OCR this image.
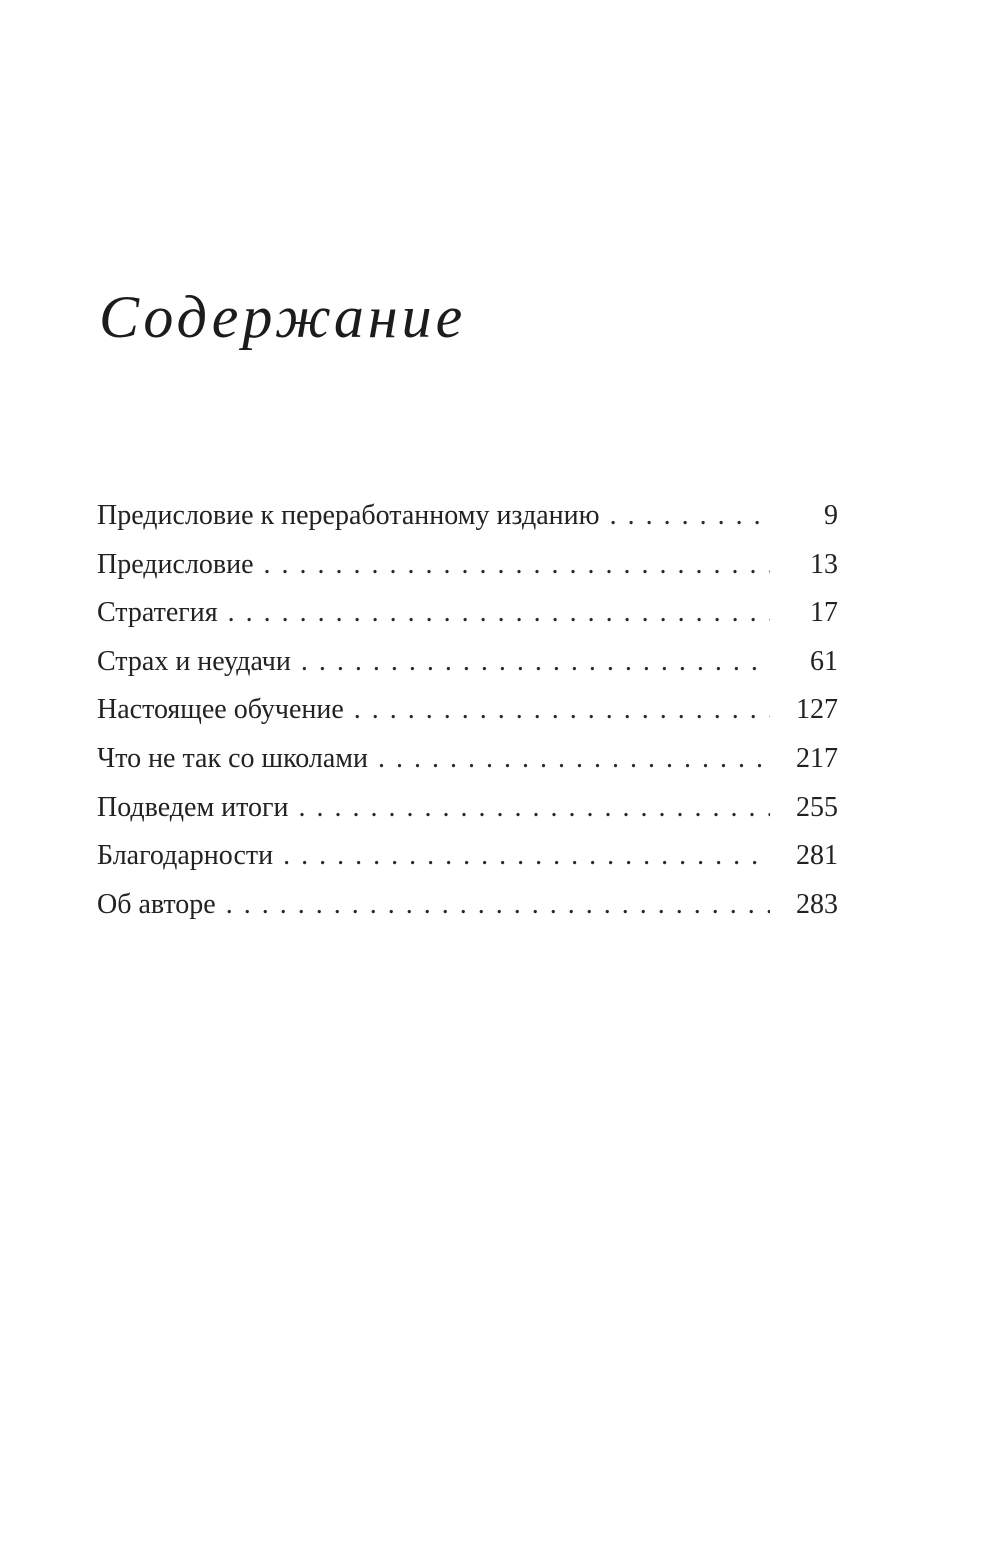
Содержание
Предисловие к переработанному изданию . . .	9
Предисловие . . .	13
Стратегия . . .	17
Страх и неудачи . . .	61
Настоящее обучение . . .	127
Что не так со школами . . .	217
Подведем итоги . . .	255
Благодарности . . .	281
Об авторе . . .	283
